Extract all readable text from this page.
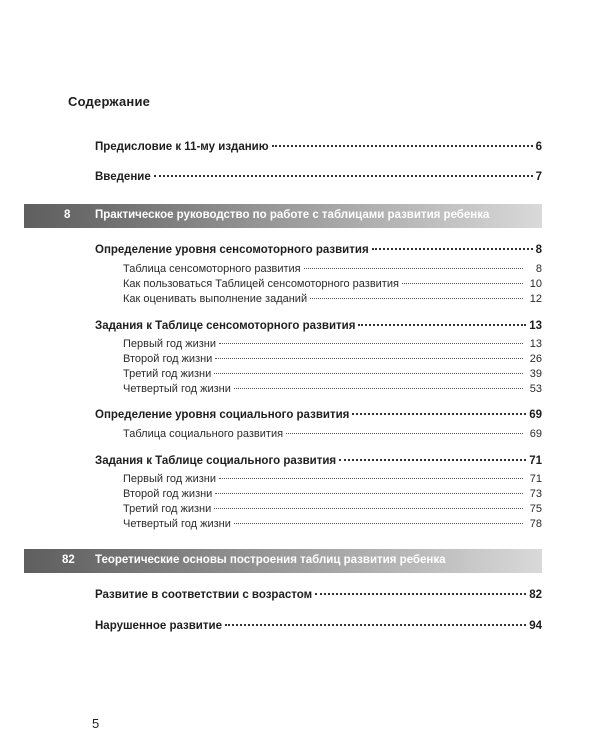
Содержание
Предисловие к 11-му изданию	6
Введение	7
8 Практическое руководство по работе с таблицами развития ребенка
Определение уровня сенсомоторного развития	8
Таблица сенсомоторного развития	8
Как пользоваться Таблицей сенсомоторного развития	10
Как оценивать выполнение заданий	12
Задания к Таблице сенсомоторного развития	13
Первый год жизни	13
Второй год жизни	26
Третий год жизни	39
Четвертый год жизни	53
Определение уровня социального развития	69
Таблица социального развития	69
Задания к Таблице социального развития	71
Первый год жизни	71
Второй год жизни	73
Третий год жизни	75
Четвертый год жизни	78
82 Теоретические основы построения таблиц развития ребенка
Развитие в соответствии с возрастом	82
Нарушенное развитие	94
5
